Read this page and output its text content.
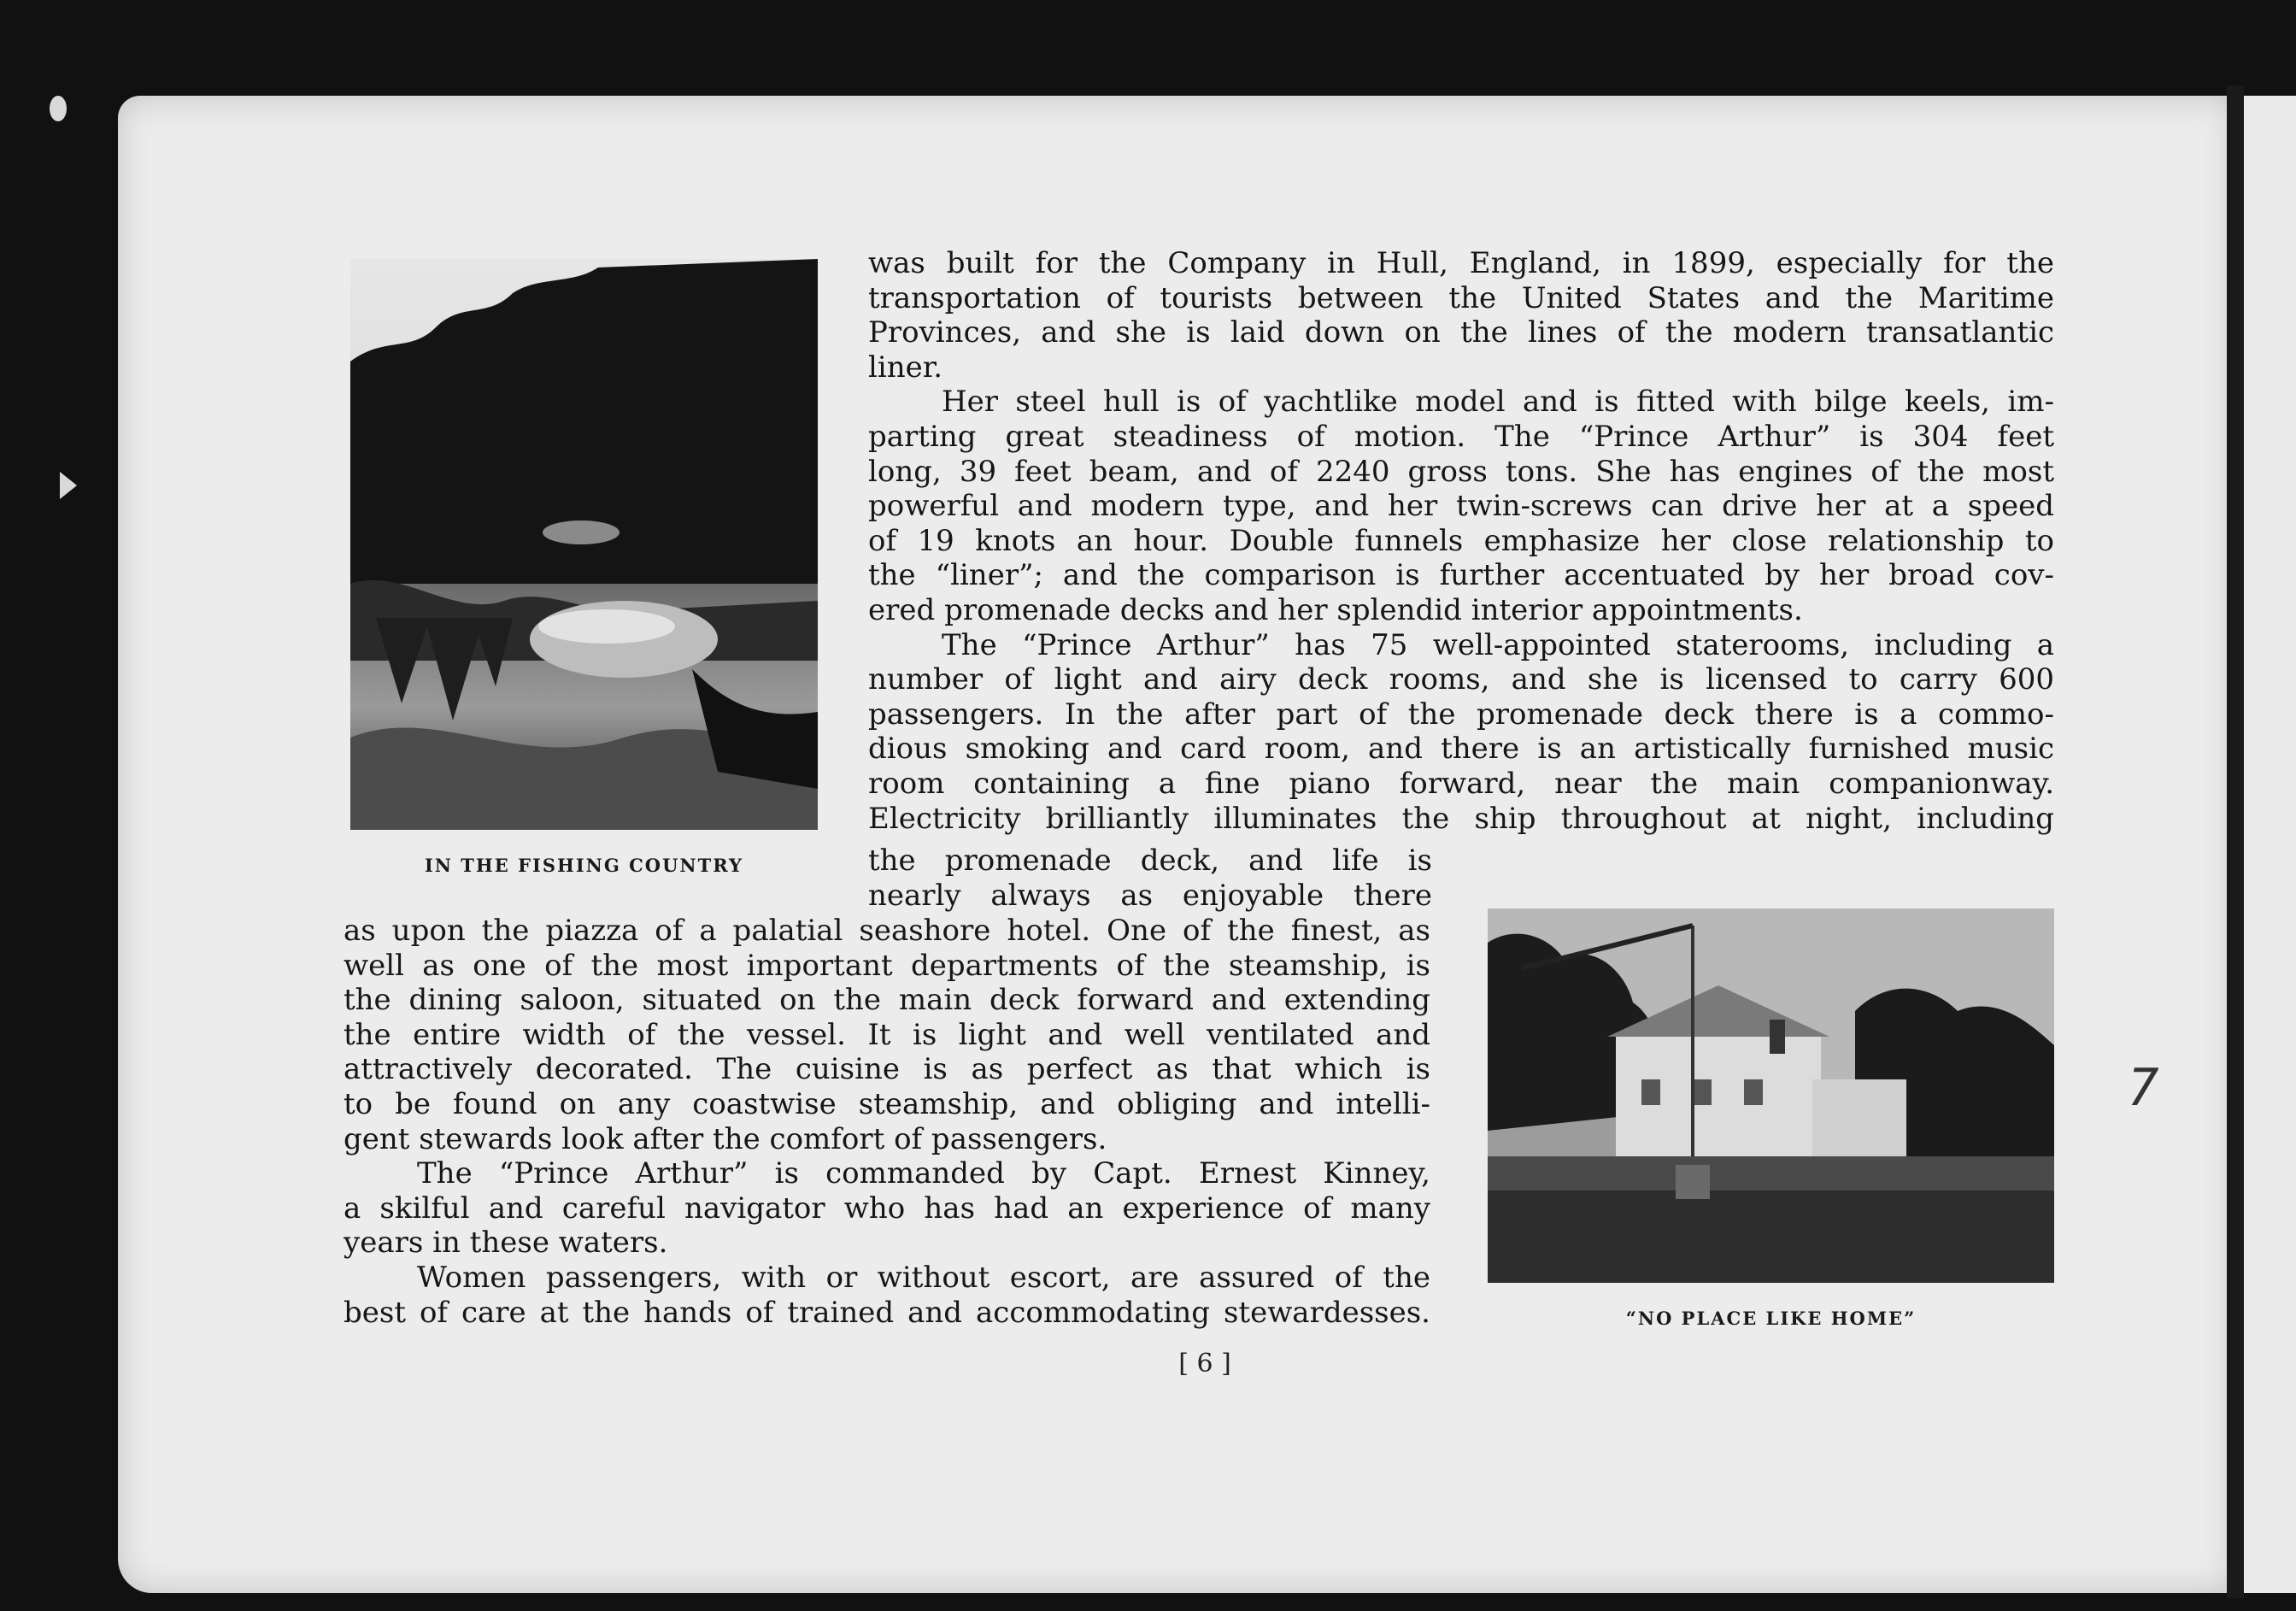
IN THE FISHING COUNTRY
“NO PLACE LIKE HOME”
was built for the Company in Hull, England, in 1899, especially for the
transportation of tourists between the United States and the Maritime
Provinces, and she is laid down on the lines of the modern transatlantic
liner.
Her steel hull is of yachtlike model and is fitted with bilge keels, im-
parting great steadiness of motion. The “Prince Arthur” is 304 feet
long, 39 feet beam, and of 2240 gross tons. She has engines of the most
powerful and modern type, and her twin-screws can drive her at a speed
of 19 knots an hour. Double funnels emphasize her close relationship to
the “liner”; and the comparison is further accentuated by her broad cov-
ered promenade decks and her splendid interior appointments.
The “Prince Arthur” has 75 well-appointed staterooms, including a
number of light and airy deck rooms, and she is licensed to carry 600
passengers. In the after part of the promenade deck there is a commo-
dious smoking and card room, and there is an artistically furnished music
room containing a fine piano forward, near the main companionway.
Electricity brilliantly illuminates the ship throughout at night, including
the promenade deck, and life is
nearly always as enjoyable there
as upon the piazza of a palatial seashore hotel. One of the finest, as
well as one of the most important departments of the steamship, is
the dining saloon, situated on the main deck forward and extending
the entire width of the vessel. It is light and well ventilated and
attractively decorated. The cuisine is as perfect as that which is
to be found on any coastwise steamship, and obliging and intelli-
gent stewards look after the comfort of passengers.
The “Prince Arthur” is commanded by Capt. Ernest Kinney,
a skilful and careful navigator who has had an experience of many
years in these waters.
Women passengers, with or without escort, are assured of the
best of care at the hands of trained and accommodating stewardesses.
[ 6 ]
7
